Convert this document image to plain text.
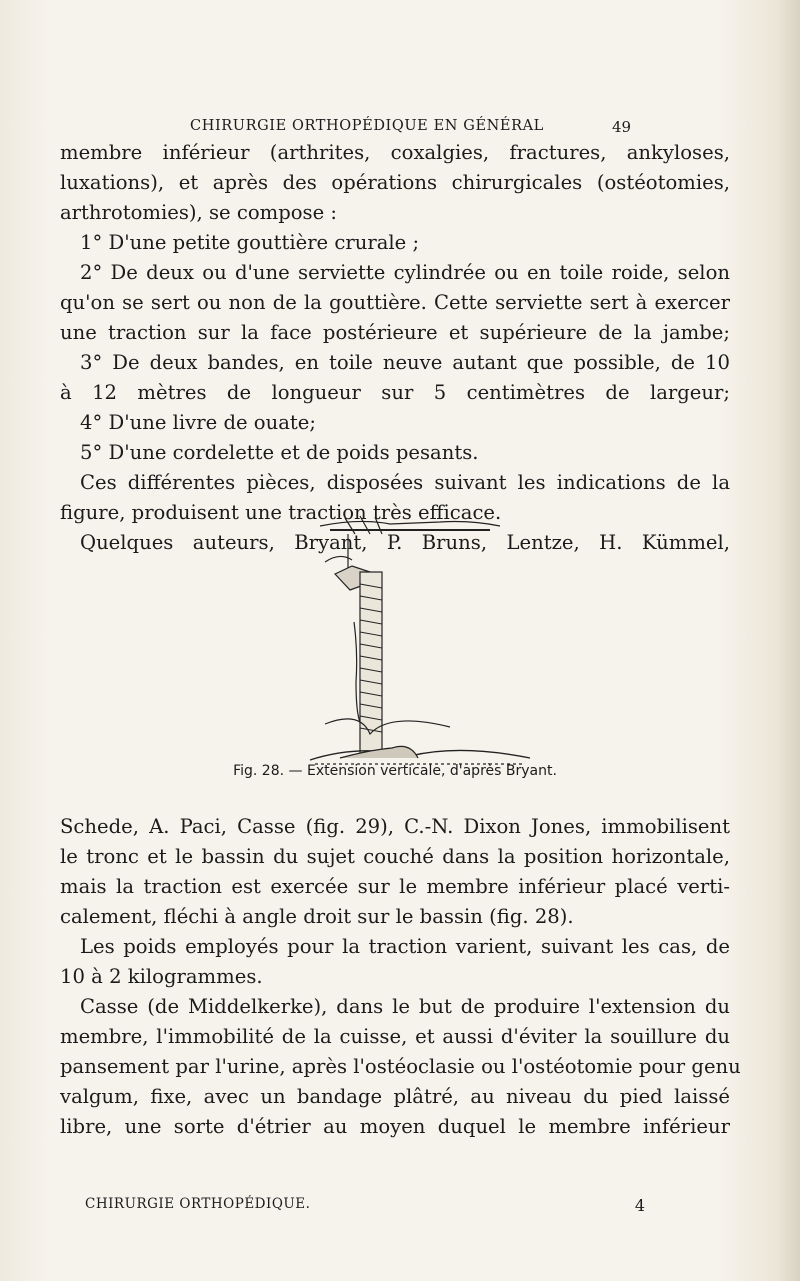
CHIRURGIE ORTHOPÉDIQUE EN GÉNÉRAL	49
membre inférieur (arthrites, coxalgies, fractures, ankyloses,
luxations), et après des opérations chirurgicales (ostéotomies,
arthrotomies), se compose :
1° D'une petite gouttière crurale ;
2° De deux ou d'une serviette cylindrée ou en toile roide, selon
qu'on se sert ou non de la gouttière. Cette serviette sert à exercer
une traction sur la face postérieure et supérieure de la jambe;
3° De deux bandes, en toile neuve autant que possible, de 10
à 12 mètres de longueur sur 5 centimètres de largeur;
4° D'une livre de ouate;
5° D'une cordelette et de poids pesants.
Ces différentes pièces, disposées suivant les indications de la
figure, produisent une traction très efficace.
Quelques auteurs, Bryant, P. Bruns, Lentze, H. Kümmel,
Fig. 28. — Extension verticale, d'après Bryant.
Schede, A. Paci, Casse (fig. 29), C.-N. Dixon Jones, immobilisent
le tronc et le bassin du sujet couché dans la position horizontale,
mais la traction est exercée sur le membre inférieur placé verti-
calement, fléchi à angle droit sur le bassin (fig. 28).
Les poids employés pour la traction varient, suivant les cas, de
10 à 2 kilogrammes.
Casse (de Middelkerke), dans le but de produire l'extension du
membre, l'immobilité de la cuisse, et aussi d'éviter la souillure du
pansement par l'urine, après l'ostéoclasie ou l'ostéotomie pour genu
valgum, fixe, avec un bandage plâtré, au niveau du pied laissé
libre, une sorte d'étrier au moyen duquel le membre inférieur
CHIRURGIE ORTHOPÉDIQUE.	4
